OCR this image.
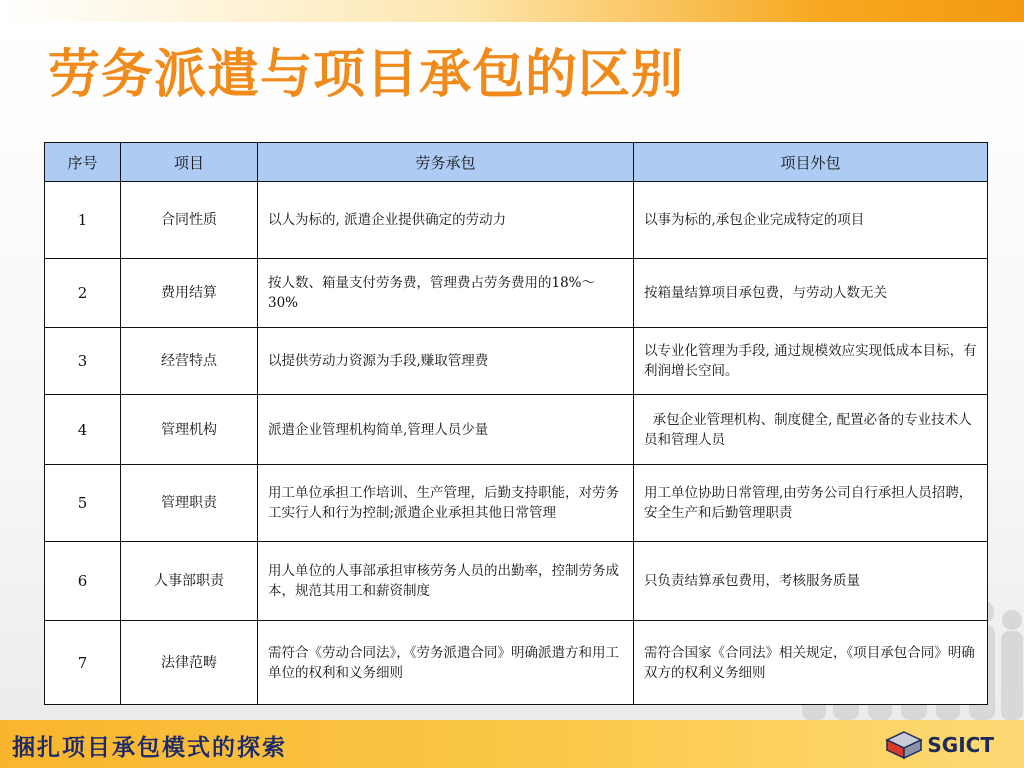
劳务派遣与项目承包的区别
序号	项目	劳务承包	项目外包
1	合同性质	以人为标的, 派遣企业提供确定的劳动力	以事为标的,承包企业完成特定的项目
2	费用结算	按人数、箱量支付劳务费，管理费占劳务费用的18%～30%	按箱量结算项目承包费，与劳动人数无关
3	经营特点	以提供劳动力资源为手段,赚取管理费	以专业化管理为手段, 通过规模效应实现低成本目标，有利润增长空间。
4	管理机构	派遣企业管理机构简单,管理人员少量	承包企业管理机构、制度健全, 配置必备的专业技术人员和管理人员
5	管理职责	用工单位承担工作培训、生产管理，后勤支持职能，对劳务工实行人和行为控制;派遣企业承担其他日常管理	用工单位协助日常管理,由劳务公司自行承担人员招聘，安全生产和后勤管理职责
6	人事部职责	用人单位的人事部承担审核劳务人员的出勤率，控制劳务成本，规范其用工和薪资制度	只负责结算承包费用，考核服务质量
7	法律范畴	需符合《劳动合同法》，《劳务派遣合同》明确派遣方和用工单位的权利和义务细则	需符合国家《合同法》相关规定，《项目承包合同》明确双方的权利义务细则
捆扎项目承包模式的探索	SGICT
